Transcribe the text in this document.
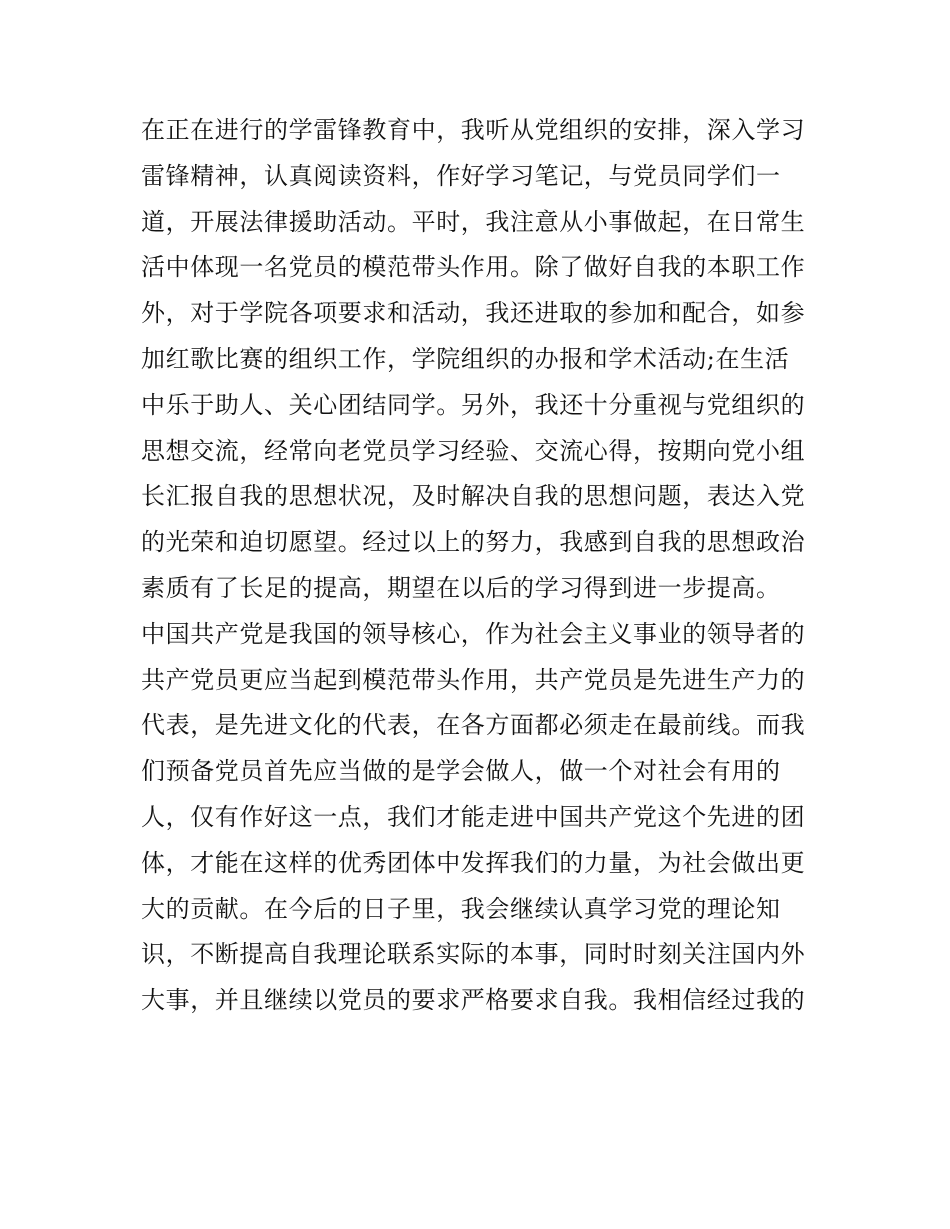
在正在进行的学雷锋教育中，我听从党组织的安排，深入学习
雷锋精神，认真阅读资料，作好学习笔记，与党员同学们一
道，开展法律援助活动。平时，我注意从小事做起，在日常生
活中体现一名党员的模范带头作用。除了做好自我的本职工作
外，对于学院各项要求和活动，我还进取的参加和配合，如参
加红歌比赛的组织工作，学院组织的办报和学术活动;在生活
中乐于助人、关心团结同学。另外，我还十分重视与党组织的
思想交流，经常向老党员学习经验、交流心得，按期向党小组
长汇报自我的思想状况，及时解决自我的思想问题，表达入党
的光荣和迫切愿望。经过以上的努力，我感到自我的思想政治
素质有了长足的提高，期望在以后的学习得到进一步提高。
中国共产党是我国的领导核心，作为社会主义事业的领导者的
共产党员更应当起到模范带头作用，共产党员是先进生产力的
代表，是先进文化的代表，在各方面都必须走在最前线。而我
们预备党员首先应当做的是学会做人，做一个对社会有用的
人，仅有作好这一点，我们才能走进中国共产党这个先进的团
体，才能在这样的优秀团体中发挥我们的力量，为社会做出更
大的贡献。在今后的日子里，我会继续认真学习党的理论知
识，不断提高自我理论联系实际的本事，同时时刻关注国内外
大事，并且继续以党员的要求严格要求自我。我相信经过我的
